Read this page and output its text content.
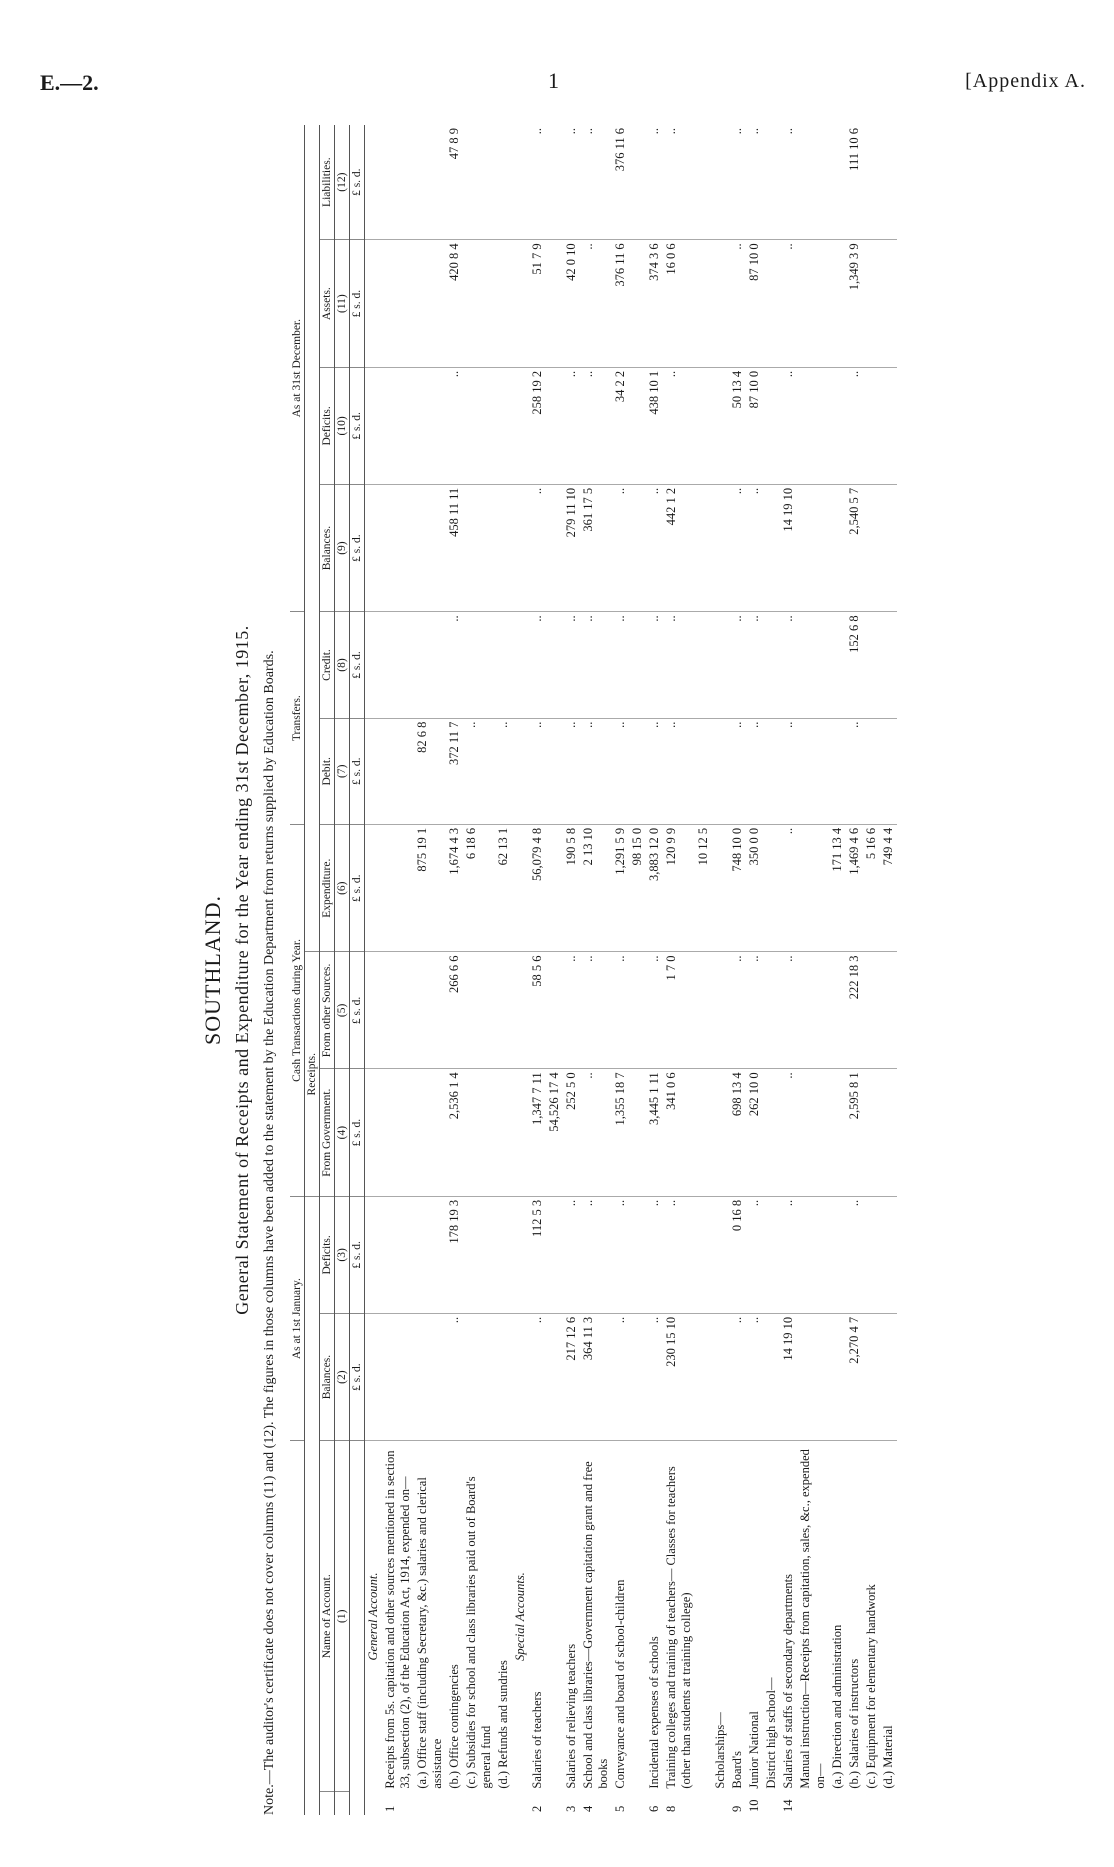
E.—2.	1	[Appendix A.
SOUTHLAND. General Statement of Receipts and Expenditure for the Year ending 31st December, 1915. Note.—The auditor's certificate does not cover columns (11) and (12). The figures in those columns have been added to the statement by the Education Department from returns supplied by Education Boards.
		As at 1st January.		Cash Transactions during Year.			Transfers.		As at 31st December.			
				Receipts.								
	Name of Account.	Balances.	Deficits.	From Government.	From other Sources.	Expenditure.	Debit.	Credit.	Balances.	Deficits.	Assets.	Liabilities.
	(1)	(2)	(3)	(4)	(5)	(6)	(7)	(8)	(9)	(10)	(11)	(12)
		£ s. d.	£ s. d.	£ s. d.	£ s. d.	£ s. d.	£ s. d.	£ s. d.	£ s. d.	£ s. d.	£ s. d.	£ s. d.
	General Account.											
1	Receipts from 5s. capitation and other sources mentioned in section 33, subsection (2), of the Education Act, 1914, expended on—											
	(a.) Office staff (including Secretary, &c.) salaries and clerical assistance					875 19 1	82 6 8					
	(b.) Office contingencies	..	178 19 3	2,536 1 4	266 6 6	1,674 4 3	372 11 7	..	458 11 11	..	420 8 4	47 8 9
	(c.) Subsidies for school and class libraries paid out of Board's general fund					6 18 6	..					
	(d.) Refunds and sundries					62 13 1	..					
	Special Accounts.											
2	Salaries of teachers	..	112 5 3	1,347 7 11	58 5 6	56,079 4 8	..	..	..	258 19 2	51 7 9	..
				54,526 17 4								
3	Salaries of relieving teachers	217 12 6	..	252 5 0	..	190 5 8	..	..	279 11 10	..	42 0 10	..
4	School and class libraries—Government capitation grant and free books	364 11 3	..	..	..	2 13 10	..	..	361 17 5	..	..	..
5	Conveyance and board of school-children	..	..	1,355 18 7	..	1,291 5 9	..	..	..	34 2 2	376 11 6	376 11 6
						98 15 0						
6	Incidental expenses of schools	..	..	3,445 1 11	..	3,883 12 0	..	..	..	438 10 1	374 3 6	..
8	Training colleges and training of teachers— Classes for teachers (other than students at training college)	230 15 10	..	341 0 6	1 7 0	120 9 9	..	..	442 1 2	..	16 0 6	..
						10 12 5						
	Scholarships—											
9	Board's	..	0 16 8	698 13 4	..	748 10 0	..	..	..	50 13 4	..	..
10	Junior National	..	..	262 10 0	..	350 0 0	..	..	..	87 10 0	87 10 0	..
	District high school—											
14	Salaries of staffs of secondary departments	14 19 10	..	..	..	..	..	..	14 19 10	..	..	..
	Manual instruction—Receipts from capitation, sales, &c., expended on—											
	(a.) Direction and administration					171 13 4						
	(b.) Salaries of instructors	2,270 4 7	..	2,595 8 1	222 18 3	1,469 4 6	..	152 6 8	2,540 5 7	..	1,349 3 9	111 10 6
	(c.) Equipment for elementary handwork					5 16 6						
	(d.) Material					749 4 4						
